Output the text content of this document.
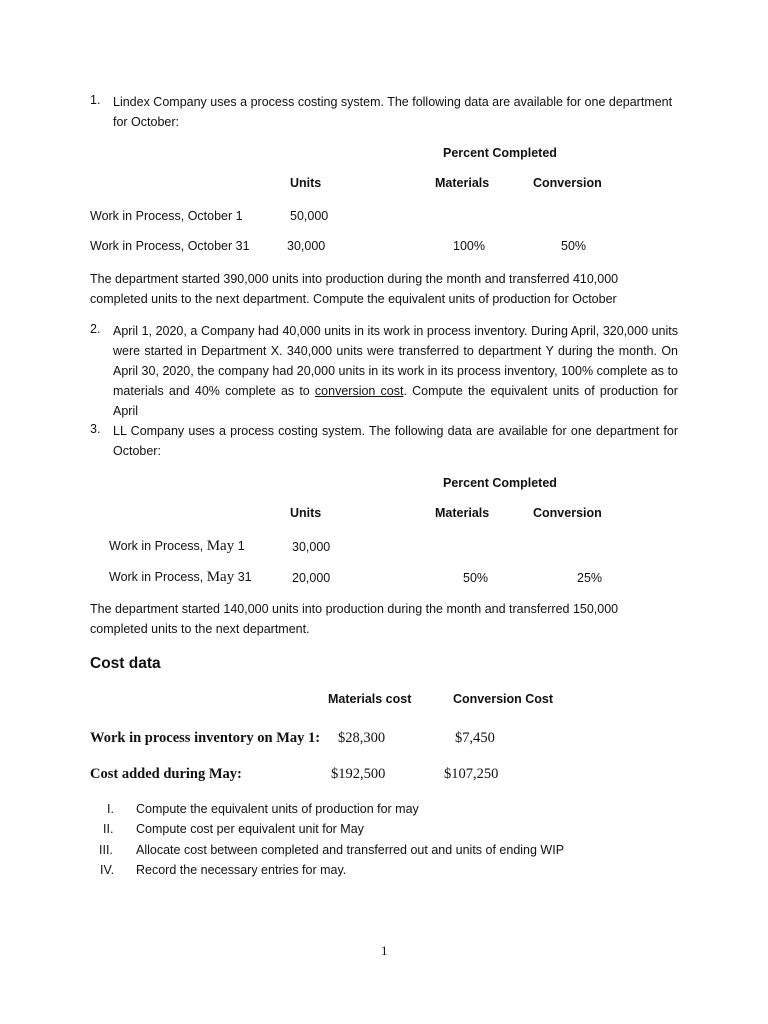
1. Lindex Company uses a process costing system. The following data are available for one department for October:
Percent Completed
Units	Materials	Conversion
Work in Process, October 1	50,000
Work in Process, October 31	30,000	100%	50%
The department started 390,000 units into production during the month and transferred 410,000 completed units to the next department. Compute the equivalent units of production for October
2. April 1, 2020, a Company had 40,000 units in its work in process inventory. During April, 320,000 units were started in Department X. 340,000 units were transferred to department Y during the month. On April 30, 2020, the company had 20,000 units in its work in its process inventory, 100% complete as to materials and 40% complete as to conversion cost. Compute the equivalent units of production for April
3. LL Company uses a process costing system. The following data are available for one department for October:
Percent Completed
Units	Materials	Conversion
Work in Process, May 1	30,000
Work in Process, May 31	20,000	50%	25%
The department started 140,000 units into production during the month and transferred 150,000 completed units to the next department.
Cost data
Materials cost	Conversion Cost
Work in process inventory on May 1: $28,300	$7,450
Cost added during May:	$192,500	$107,250
I. Compute the equivalent units of production for may
II. Compute cost per equivalent unit for May
III. Allocate cost between completed and transferred out and units of ending WIP
IV. Record the necessary entries for may.
1
